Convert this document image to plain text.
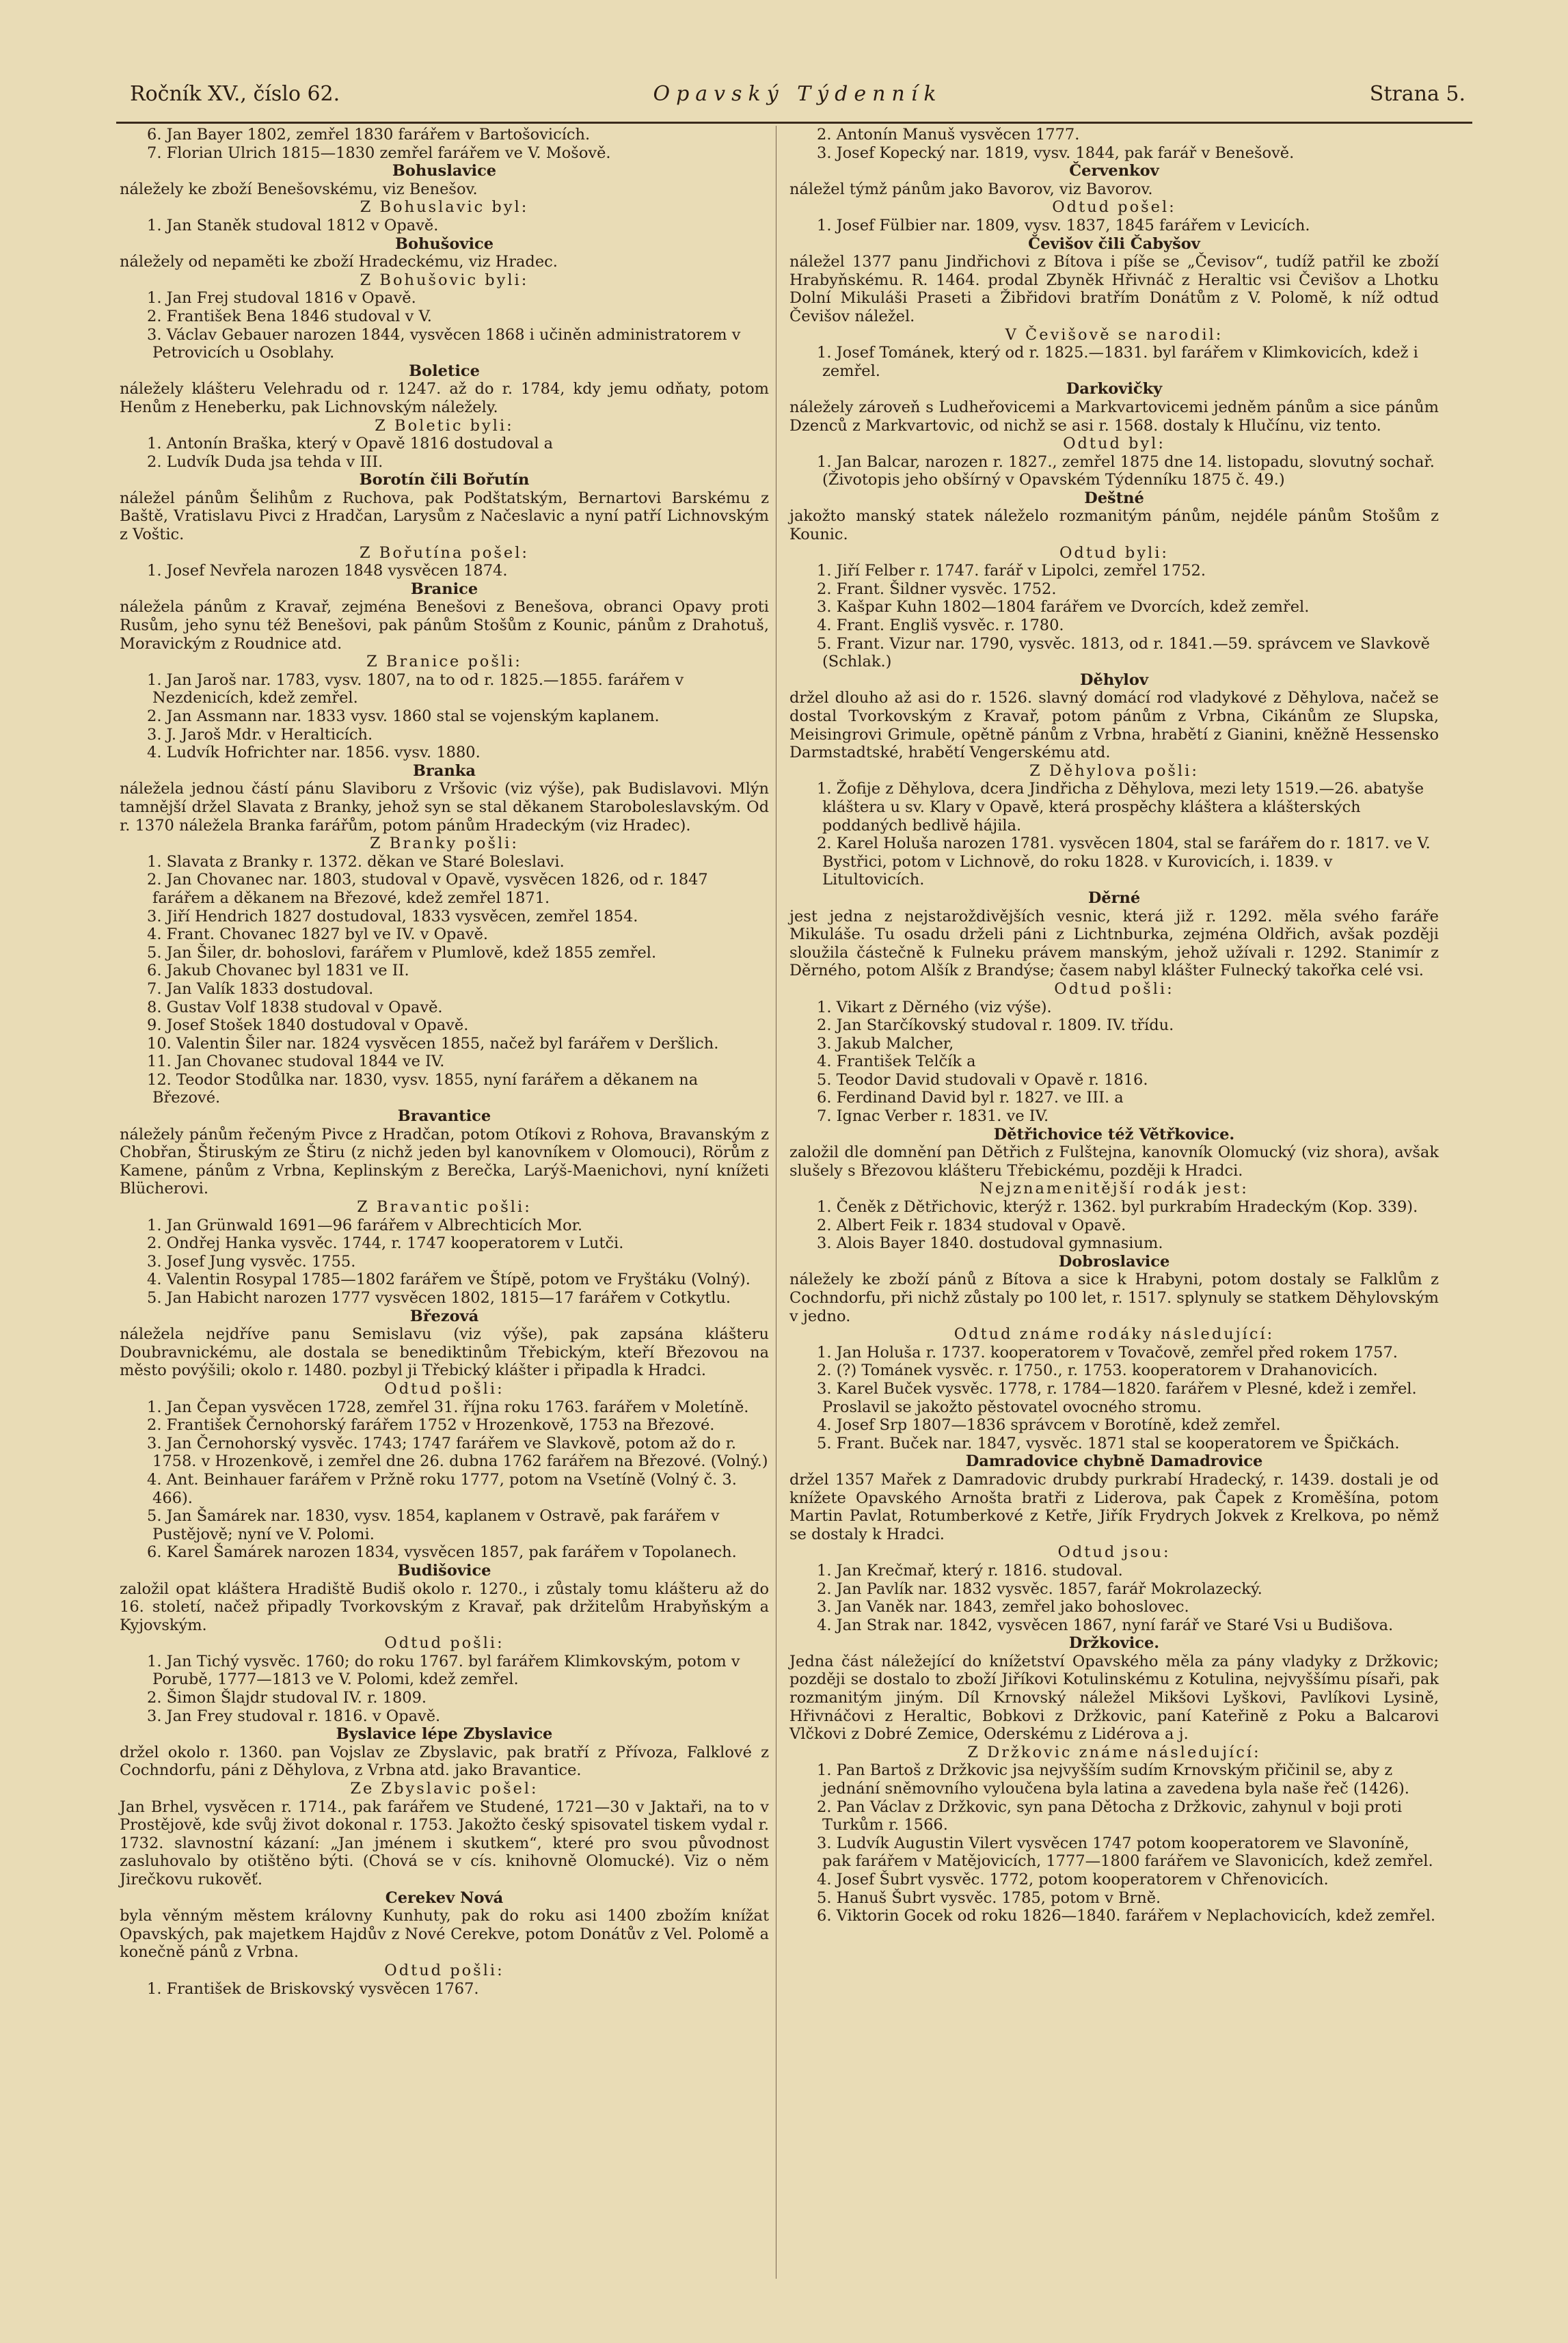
Ročník XV., číslo 62.	Opavský Týdenník	Strana 5.

6. Jan Bayer 1802, zemřel 1830 farářem v Bartošovicích.

7. Florian Ulrich 1815—1830 zemřel farářem ve V. Mošově.

Bohuslavice

náležely ke zboží Benešovskému, viz Benešov.

Z Bohuslavic byl:

1. Jan Staněk studoval 1812 v Opavě.

Bohušovice

náležely od nepaměti ke zboží Hradeckému, viz Hradec.

Z Bohušovic byli:

1. Jan Frej studoval 1816 v Opavě.

2. František Bena 1846 studoval v V.

3. Václav Gebauer narozen 1844, vysvěcen 1868 i učiněn administratorem v Petrovicích u Osoblahy.

Boletice

náležely klášteru Velehradu od r. 1247. až do r. 1784, kdy jemu odňaty, potom Henům z Heneberku, pak Lichnovským náležely.

Z Boletic byli:

1. Antonín Braška, který v Opavě 1816 dostudoval a

2. Ludvík Duda jsa tehda v III.

Borotín čili Bořutín

náležel pánům Šelihům z Ruchova, pak Podštatským, Bernartovi Barskému z Baště, Vratislavu Pivci z Hradčan, Larysům z Načeslavic a nyní patří Lichnovským z Voštic.

Z Bořutína pošel:

1. Josef Nevřela narozen 1848 vysvěcen 1874.

Branice

náležela pánům z Kravař, zejména Benešovi z Benešova, obranci Opavy proti Rusům, jeho synu též Benešovi, pak pánům Stošům z Kounic, pánům z Drahotuš, Moravickým z Roudnice atd.

Z Branice pošli:

1. Jan Jaroš nar. 1783, vysv. 1807, na to od r. 1825.—1855. farářem v Nezdenicích, kdež zemřel.

2. Jan Assmann nar. 1833 vysv. 1860 stal se vojenským kaplanem.

3. J. Jaroš Mdr. v Heralticích.

4. Ludvík Hofrichter nar. 1856. vysv. 1880.

Branka

náležela jednou částí pánu Slaviboru z Vršovic (viz výše), pak Budislavovi. Mlýn tamnější držel Slavata z Branky, jehož syn se stal děkanem Staroboleslavským. Od r. 1370 náležela Branka farářům, potom pánům Hradeckým (viz Hradec).

Z Branky pošli:

1. Slavata z Branky r. 1372. děkan ve Staré Boleslavi.

2. Jan Chovanec nar. 1803, studoval v Opavě, vysvěcen 1826, od r. 1847 farářem a děkanem na Březové, kdež zemřel 1871.

3. Jiří Hendrich 1827 dostudoval, 1833 vysvěcen, zemřel 1854.

4. Frant. Chovanec 1827 byl ve IV. v Opavě.

5. Jan Šiler, dr. bohoslovi, farářem v Plumlově, kdež 1855 zemřel.

6. Jakub Chovanec byl 1831 ve II.

7. Jan Valík 1833 dostudoval.

8. Gustav Volf 1838 studoval v Opavě.

9. Josef Stošek 1840 dostudoval v Opavě.

10. Valentin Šiler nar. 1824 vysvěcen 1855, načež byl farářem v Deršlich.

11. Jan Chovanec studoval 1844 ve IV.

12. Teodor Stodůlka nar. 1830, vysv. 1855, nyní farářem a děkanem na Březové.

Bravantice

náležely pánům řečeným Pivce z Hradčan, potom Otíkovi z Rohova, Bravanským z Chobřan, Štiruským ze Štiru (z nichž jeden byl kanovníkem v Olomouci), Rörům z Kamene, pánům z Vrbna, Keplinským z Berečka, Larýš-Maenichovi, nyní knížeti Blücherovi.

Z Bravantic pošli:

1. Jan Grünwald 1691—96 farářem v Albrechticích Mor.

2. Ondřej Hanka vysvěc. 1744, r. 1747 kooperatorem v Lutči.

3. Josef Jung vysvěc. 1755.

4. Valentin Rosypal 1785—1802 farářem ve Štípě, potom ve Fryštáku (Volný).

5. Jan Habicht narozen 1777 vysvěcen 1802, 1815—17 farářem v Cotkytlu.

Březová

náležela nejdříve panu Semislavu (viz výše), pak zapsána klášteru Doubravnickému, ale dostala se benediktinům Třebickým, kteří Březovou na město povýšili; okolo r. 1480. pozbyl ji Třebický klášter i připadla k Hradci.

Odtud pošli:

1. Jan Čepan vysvěcen 1728, zemřel 31. října roku 1763. farářem v Moletíně.

2. František Černohorský farářem 1752 v Hrozenkově, 1753 na Březové.

3. Jan Černohorský vysvěc. 1743; 1747 farářem ve Slavkově, potom až do r. 1758. v Hrozenkově, i zemřel dne 26. dubna 1762 farářem na Březové. (Volný.)

4. Ant. Beinhauer farářem v Pržně roku 1777, potom na Vsetíně (Volný č. 3. 466).

5. Jan Šamárek nar. 1830, vysv. 1854, kaplanem v Ostravě, pak farářem v Pustějově; nyní ve V. Polomi.

6. Karel Šamárek narozen 1834, vysvěcen 1857, pak farářem v Topolanech.

Budišovice

založil opat kláštera Hradiště Budiš okolo r. 1270., i zůstaly tomu klášteru až do 16. století, načež připadly Tvorkovským z Kravař, pak držitelům Hrabyňským a Kyjovským.

Odtud pošli:

1. Jan Tichý vysvěc. 1760; do roku 1767. byl farářem Klimkovským, potom v Porubě, 1777—1813 ve V. Polomi, kdež zemřel.

2. Šimon Šlajdr studoval IV. r. 1809.

3. Jan Frey studoval r. 1816. v Opavě.

Byslavice lépe Zbyslavice

držel okolo r. 1360. pan Vojslav ze Zbyslavic, pak bratří z Přívoza, Falklové z Cochndorfu, páni z Děhylova, z Vrbna atd. jako Bravantice.

Ze Zbyslavic pošel:

Jan Brhel, vysvěcen r. 1714., pak farářem ve Studené, 1721—30 v Jaktaři, na to v Prostějově, kde svůj život dokonal r. 1753. Jakožto český spisovatel tiskem vydal r. 1732. slavnostní kázaní: „Jan jménem i skutkem“, které pro svou původnost zasluhovalo by otištěno býti. (Chová se v cís. knihovně Olomucké). Viz o něm Jirečkovu rukověť.

Cerekev Nová

byla věnným městem královny Kunhuty, pak do roku asi 1400 zbožím knížat Opavských, pak majetkem Hajdův z Nové Cerekve, potom Donátův z Vel. Polomě a konečně pánů z Vrbna.

Odtud pošli:

1. František de Briskovský vysvěcen 1767.

2. Antonín Manuš vysvěcen 1777.

3. Josef Kopecký nar. 1819, vysv. 1844, pak farář v Benešově.

Červenkov

náležel týmž pánům jako Bavorov, viz Bavorov.

Odtud pošel:

1. Josef Fülbier nar. 1809, vysv. 1837, 1845 farářem v Levicích.

Čevišov čili Čabyšov

náležel 1377 panu Jindřichovi z Bítova i píše se „Čevisov“, tudíž patřil ke zboží Hrabyňskému. R. 1464. prodal Zbyněk Hřivnáč z Heraltic vsi Čevišov a Lhotku Dolní Mikuláši Praseti a Žibřidovi bratřím Donátům z V. Polomě, k níž odtud Čevišov náležel.

V Čevišově se narodil:

1. Josef Tománek, který od r. 1825.—1831. byl farářem v Klimkovicích, kdež i zemřel.

Darkovičky

náležely zároveň s Ludheřovicemi a Markvartovicemi jedněm pánům a sice pánům Dzenců z Markvartovic, od nichž se asi r. 1568. dostaly k Hlučínu, viz tento.

Odtud byl:

1. Jan Balcar, narozen r. 1827., zemřel 1875 dne 14. listopadu, slovutný sochař. (Životopis jeho obšírný v Opavském Týdenníku 1875 č. 49.)

Deštné

jakožto manský statek náleželo rozmanitým pánům, nejdéle pánům Stošům z Kounic.

Odtud byli:

1. Jiří Felber r. 1747. farář v Lipolci, zemřel 1752.

2. Frant. Šildner vysvěc. 1752.

3. Kašpar Kuhn 1802—1804 farářem ve Dvorcích, kdež zemřel.

4. Frant. Engliš vysvěc. r. 1780.

5. Frant. Vizur nar. 1790, vysvěc. 1813, od r. 1841.—59. správcem ve Slavkově (Schlak.)

Děhylov

držel dlouho až asi do r. 1526. slavný domácí rod vladykové z Děhylova, načež se dostal Tvorkovským z Kravař, potom pánům z Vrbna, Cikánům ze Slupska, Meisingrovi Grimule, opětně pánům z Vrbna, hrabětí z Gianini, kněžně Hessensko Darmstadtské, hrabětí Vengerskému atd.

Z Děhylova pošli:

1. Žofije z Děhylova, dcera Jindřicha z Děhylova, mezi lety 1519.—26. abatyše kláštera u sv. Klary v Opavě, která prospěchy kláštera a klášterských poddaných bedlivě hájila.

2. Karel Holuša narozen 1781. vysvěcen 1804, stal se farářem do r. 1817. ve V. Bystřici, potom v Lichnově, do roku 1828. v Kurovicích, i. 1839. v Litultovicích.

Děrné

jest jedna z nejstaroždivějších vesnic, která již r. 1292. měla svého faráře Mikuláše. Tu osadu drželi páni z Lichtnburka, zejména Oldřich, avšak později sloužila částečně k Fulneku právem manským, jehož užívali r. 1292. Stanimír z Děrného, potom Alšík z Brandýse; časem nabyl klášter Fulnecký takořka celé vsi.

Odtud pošli:

1. Vikart z Děrného (viz výše).

2. Jan Starčíkovský studoval r. 1809. IV. třídu.

3. Jakub Malcher,

4. František Telčík a

5. Teodor David studovali v Opavě r. 1816.

6. Ferdinand David byl r. 1827. ve III. a

7. Ignac Verber r. 1831. ve IV.

Dětřichovice též Větřkovice.

založil dle domnění pan Dětřich z Fulštejna, kanovník Olomucký (viz shora), avšak slušely s Březovou klášteru Třebickému, později k Hradci.

Nejznamenitější rodák jest:

1. Čeněk z Dětřichovic, kterýž r. 1362. byl purkrabím Hradeckým (Kop. 339).

2. Albert Feik r. 1834 studoval v Opavě.

3. Alois Bayer 1840. dostudoval gymnasium.

Dobroslavice

náležely ke zboží pánů z Bítova a sice k Hrabyni, potom dostaly se Falklům z Cochndorfu, při nichž zůstaly po 100 let, r. 1517. splynuly se statkem Děhylovským v jedno.

Odtud známe rodáky následující:

1. Jan Holuša r. 1737. kooperatorem v Tovačově, zemřel před rokem 1757.

2. (?) Tománek vysvěc. r. 1750., r. 1753. kooperatorem v Drahanovicích.

3. Karel Buček vysvěc. 1778, r. 1784—1820. farářem v Plesné, kdež i zemřel. Proslavil se jakožto pěstovatel ovocného stromu.

4. Josef Srp 1807—1836 správcem v Borotíně, kdež zemřel.

5. Frant. Buček nar. 1847, vysvěc. 1871 stal se kooperatorem ve Špičkách.

Damradovice chybně Damadrovice

držel 1357 Mařek z Damradovic drubdy purkrabí Hradecký, r. 1439. dostali je od knížete Opavského Arnošta bratři z Liderova, pak Čapek z Kroměšína, potom Martin Pavlat, Rotumberkové z Ketře, Jiřík Frydrych Jokvek z Krelkova, po němž se dostaly k Hradci.

Odtud jsou:

1. Jan Krečmař, který r. 1816. studoval.

2. Jan Pavlík nar. 1832 vysvěc. 1857, farář Mokrolazecký.

3. Jan Vaněk nar. 1843, zemřel jako bohoslovec.

4. Jan Strak nar. 1842, vysvěcen 1867, nyní farář ve Staré Vsi u Budišova.

Držkovice.

Jedna část náležející do knížetství Opavského měla za pány vladyky z Držkovic; později se dostalo to zboží Jiříkovi Kotulinskému z Kotulina, nejvyššímu písaři, pak rozmanitým jiným. Díl Krnovský náležel Mikšovi Lyškovi, Pavlíkovi Lysině, Hřivnáčovi z Heraltic, Bobkovi z Držkovic, paní Kateřině z Poku a Balcarovi Vlčkovi z Dobré Zemice, Oderskému z Lidérova a j.

Z Držkovic známe následující:

1. Pan Bartoš z Držkovic jsa nejvyšším sudím Krnovským přičinil se, aby z jednání sněmovního vyloučena byla latina a zavedena byla naše řeč (1426).

2. Pan Václav z Držkovic, syn pana Dětocha z Držkovic, zahynul v boji proti Turkům r. 1566.

3. Ludvík Augustin Vilert vysvěcen 1747 potom kooperatorem ve Slavoníně, pak farářem v Matějovicích, 1777—1800 farářem ve Slavonicích, kdež zemřel.

4. Josef Šubrt vysvěc. 1772, potom kooperatorem v Chřenovicích.

5. Hanuš Šubrt vysvěc. 1785, potom v Brně.

6. Viktorin Gocek od roku 1826—1840. farářem v Neplachovicích, kdež zemřel.
